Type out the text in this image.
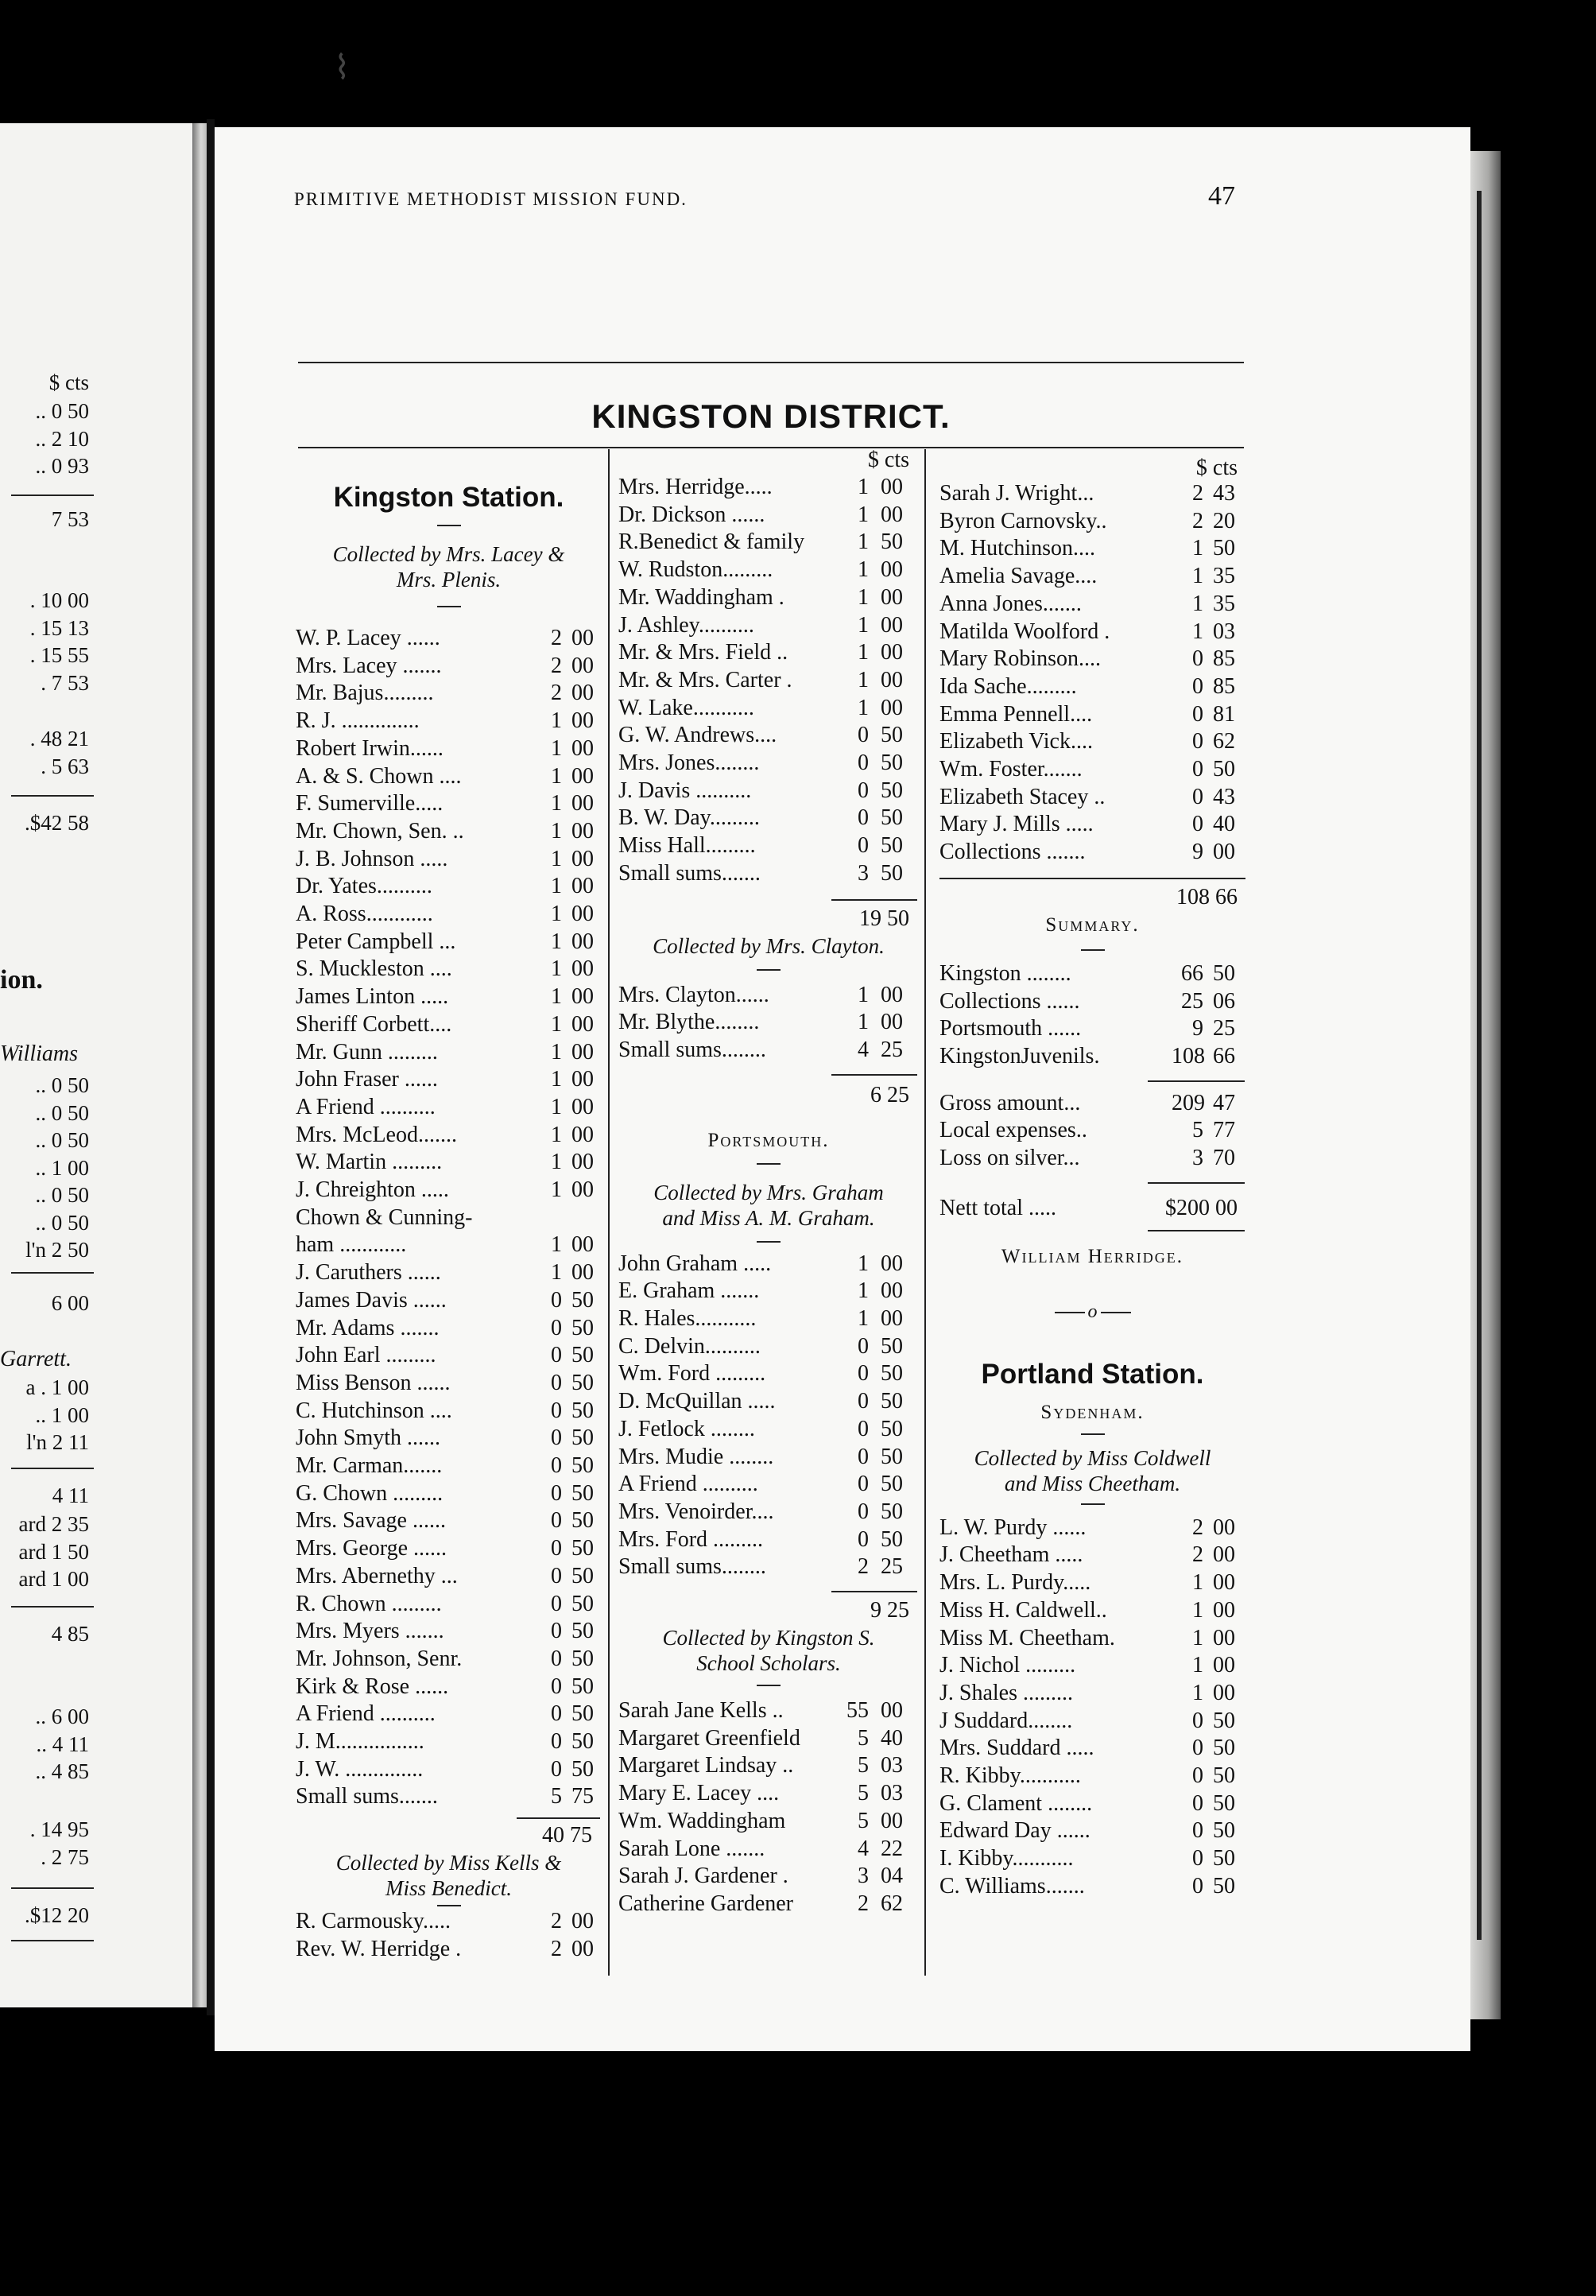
⌇
$ cts
.. 0 50
.. 2 10
.. 0 93
7 53
. 10 00
. 15 13
. 15 55
. 7 53
. 48 21
. 5 63
.$42 58
ion.
Williams
.. 0 50
.. 0 50
.. 0 50
.. 1 00
.. 0 50
.. 0 50
l'n 2 50
6 00
Garrett.
a . 1 00
.. 1 00
l'n 2 11
4 11
ard 2 35
ard 1 50
ard 1 00
4 85
.. 6 00
.. 4 11
.. 4 85
. 14 95
. 2 75
.$12 20
PRIMITIVE METHODIST MISSION FUND.	47
KINGSTON DISTRICT.
Kingston Station.
Collected by Mrs. Lacey &
Mrs. Plenis.
W. P. Lacey ......	2 00
Mrs. Lacey .......	2 00
Mr. Bajus.........	2 00
R. J. ..............	1 00
Robert Irwin......	1 00
A. & S. Chown ....	1 00
F. Sumerville.....	1 00
Mr. Chown, Sen. ..	1 00
J. B. Johnson .....	1 00
Dr. Yates..........	1 00
A. Ross............	1 00
Peter Campbell ...	1 00
S. Muckleston ....	1 00
James Linton .....	1 00
Sheriff Corbett....	1 00
Mr. Gunn .........	1 00
John Fraser ......	1 00
A Friend ..........	1 00
Mrs. McLeod.......	1 00
W. Martin .........	1 00
J. Chreighton .....	1 00
Chown & Cunning-
ham ............	1 00
J. Caruthers ......	1 00
James Davis ......	0 50
Mr. Adams .......	0 50
John Earl .........	0 50
Miss Benson ......	0 50
C. Hutchinson ....	0 50
John Smyth ......	0 50
Mr. Carman.......	0 50
G. Chown .........	0 50
Mrs. Savage ......	0 50
Mrs. George ......	0 50
Mrs. Abernethy ...	0 50
R. Chown .........	0 50
Mrs. Myers .......	0 50
Mr. Johnson, Senr.	0 50
Kirk & Rose ......	0 50
A Friend ..........	0 50
J. M................	0 50
J. W. ..............	0 50
Small sums.......	5 75
40 75
Collected by Miss Kells &
Miss Benedict.
R. Carmousky.....	2 00
Rev. W. Herridge .	2 00
$ cts
Mrs. Herridge.....	1 00
Dr. Dickson ......	1 00
R.Benedict & family	1 50
W. Rudston.........	1 00
Mr. Waddingham .	1 00
J. Ashley..........	1 00
Mr. & Mrs. Field ..	1 00
Mr. & Mrs. Carter .	1 00
W. Lake...........	1 00
G. W. Andrews....	0 50
Mrs. Jones........	0 50
J. Davis ..........	0 50
B. W. Day.........	0 50
Miss Hall.........	0 50
Small sums.......	3 50
19 50
Collected by Mrs. Clayton.
Mrs. Clayton......	1 00
Mr. Blythe........	1 00
Small sums........	4 25
6 25
Portsmouth.
Collected by Mrs. Graham
and Miss A. M. Graham.
John Graham .....	1 00
E. Graham .......	1 00
R. Hales...........	1 00
C. Delvin..........	0 50
Wm. Ford .........	0 50
D. McQuillan .....	0 50
J. Fetlock ........	0 50
Mrs. Mudie ........	0 50
A Friend ..........	0 50
Mrs. Venoirder....	0 50
Mrs. Ford .........	0 50
Small sums........	2 25
9 25
Collected by Kingston S.
School Scholars.
Sarah Jane Kells ..	55 00
Margaret Greenfield	5 40
Margaret Lindsay ..	5 03
Mary E. Lacey ....	5 03
Wm. Waddingham	5 00
Sarah Lone .......	4 22
Sarah J. Gardener .	3 04
Catherine Gardener	2 62
$ cts
Sarah J. Wright...	2 43
Byron Carnovsky..	2 20
M. Hutchinson....	1 50
Amelia Savage....	1 35
Anna Jones.......	1 35
Matilda Woolford .	1 03
Mary Robinson....	0 85
Ida Sache.........	0 85
Emma Pennell....	0 81
Elizabeth Vick....	0 62
Wm. Foster.......	0 50
Elizabeth Stacey ..	0 43
Mary J. Mills .....	0 40
Collections .......	9 00
108 66
Summary.
Kingston ........	66 50
Collections ......	25 06
Portsmouth ......	9 25
KingstonJuvenils.	108 66
Gross amount...	209 47
Local expenses..	5 77
Loss on silver...	3 70
Nett total .....	$200 00
William Herridge.
o
Portland Station.
Sydenham.
Collected by Miss Coldwell
and Miss Cheetham.
L. W. Purdy ......	2 00
J. Cheetham .....	2 00
Mrs. L. Purdy.....	1 00
Miss H. Caldwell..	1 00
Miss M. Cheetham.	1 00
J. Nichol .........	1 00
J. Shales .........	1 00
J Suddard........	0 50
Mrs. Suddard .....	0 50
R. Kibby...........	0 50
G. Clament ........	0 50
Edward Day ......	0 50
I. Kibby...........	0 50
C. Williams.......	0 50
